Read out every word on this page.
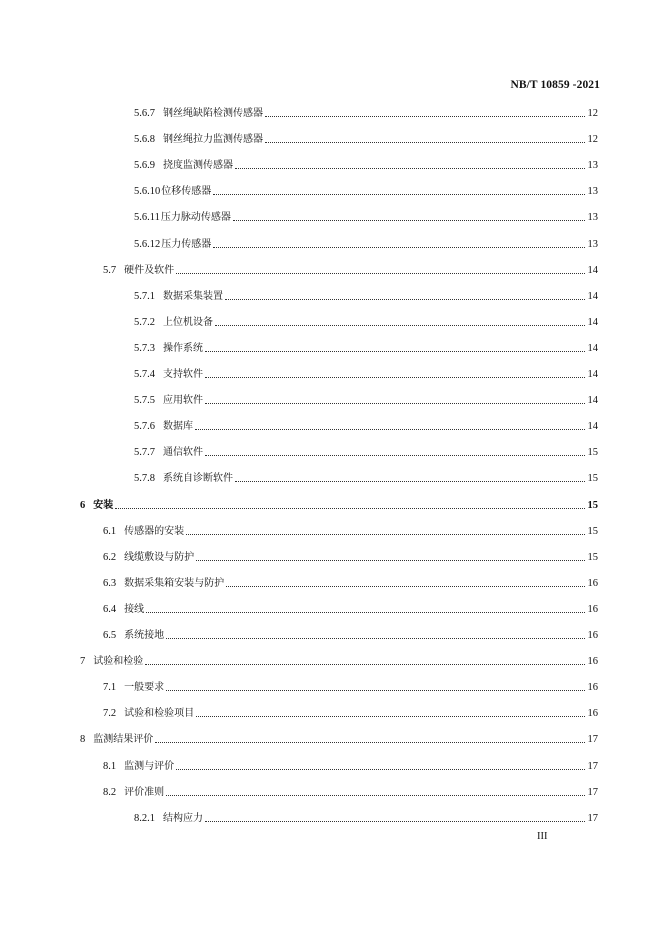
NB/T 10859 -2021
5.6.7 钢丝绳缺陷检测传感器	12
5.6.8 钢丝绳拉力监测传感器	12
5.6.9 挠度监测传感器	13
5.6.10 位移传感器	13
5.6.11 压力脉动传感器	13
5.6.12 压力传感器	13
5.7 硬件及软件	14
5.7.1 数据采集装置	14
5.7.2 上位机设备	14
5.7.3 操作系统	14
5.7.4 支持软件	14
5.7.5 应用软件	14
5.7.6 数据库	14
5.7.7 通信软件	15
5.7.8 系统自诊断软件	15
6 安装	15
6.1 传感器的安装	15
6.2 线缆敷设与防护	15
6.3 数据采集箱安装与防护	16
6.4 接线	16
6.5 系统接地	16
7 试验和检验	16
7.1 一般要求	16
7.2 试验和检验项目	16
8 监测结果评价	17
8.1 监测与评价	17
8.2 评价准则	17
8.2.1 结构应力	17
III
